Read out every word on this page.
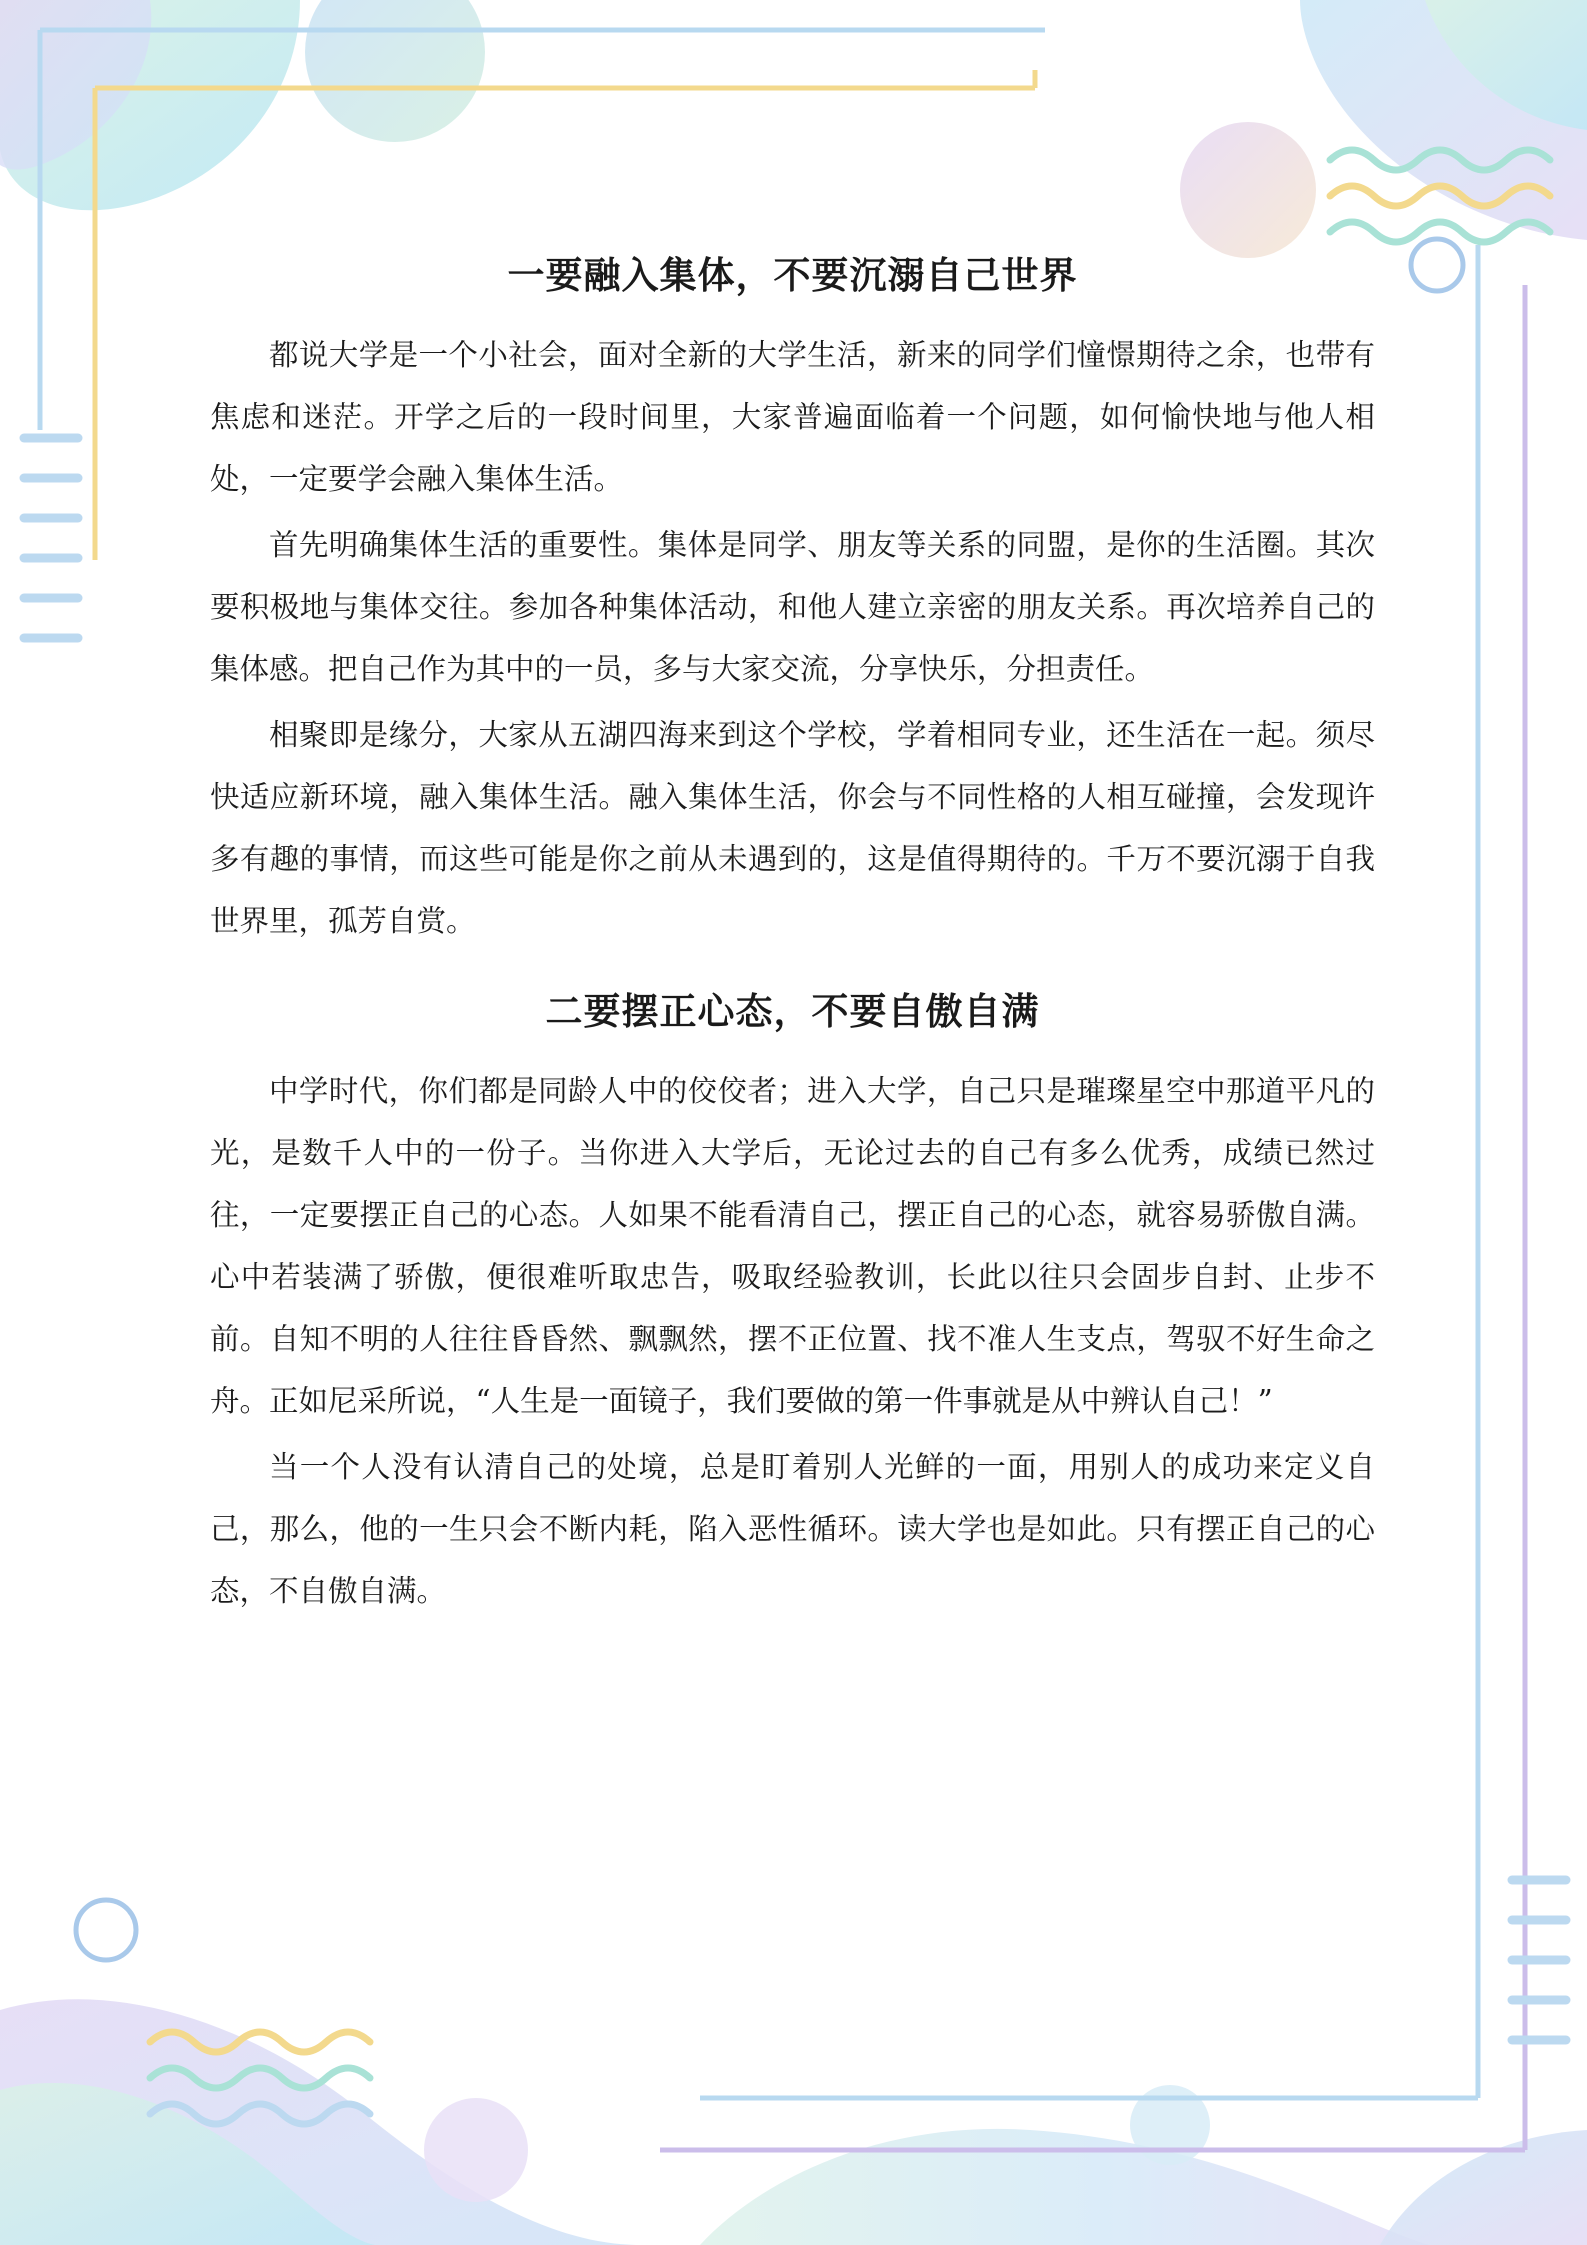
一要融入集体，不要沉溺自己世界

都说大学是一个小社会，面对全新的大学生活，新来的同学们憧憬期待之余，也带有焦虑和迷茫。开学之后的一段时间里，大家普遍面临着一个问题，如何愉快地与他人相处，一定要学会融入集体生活。

首先明确集体生活的重要性。集体是同学、朋友等关系的同盟，是你的生活圈。其次要积极地与集体交往。参加各种集体活动，和他人建立亲密的朋友关系。再次培养自己的集体感。把自己作为其中的一员，多与大家交流，分享快乐，分担责任。

相聚即是缘分，大家从五湖四海来到这个学校，学着相同专业，还生活在一起。须尽快适应新环境，融入集体生活。融入集体生活，你会与不同性格的人相互碰撞，会发现许多有趣的事情，而这些可能是你之前从未遇到的，这是值得期待的。千万不要沉溺于自我世界里，孤芳自赏。

二要摆正心态，不要自傲自满

中学时代，你们都是同龄人中的佼佼者；进入大学，自己只是璀璨星空中那道平凡的光，是数千人中的一份子。当你进入大学后，无论过去的自己有多么优秀，成绩已然过往，一定要摆正自己的心态。人如果不能看清自己，摆正自己的心态，就容易骄傲自满。心中若装满了骄傲，便很难听取忠告，吸取经验教训，长此以往只会固步自封、止步不前。自知不明的人往往昏昏然、飘飘然，摆不正位置、找不准人生支点，驾驭不好生命之舟。正如尼采所说，“人生是一面镜子，我们要做的第一件事就是从中辨认自己！”

当一个人没有认清自己的处境，总是盯着别人光鲜的一面，用别人的成功来定义自己，那么，他的一生只会不断内耗，陷入恶性循环。读大学也是如此。只有摆正自己的心态，不自傲自满。
